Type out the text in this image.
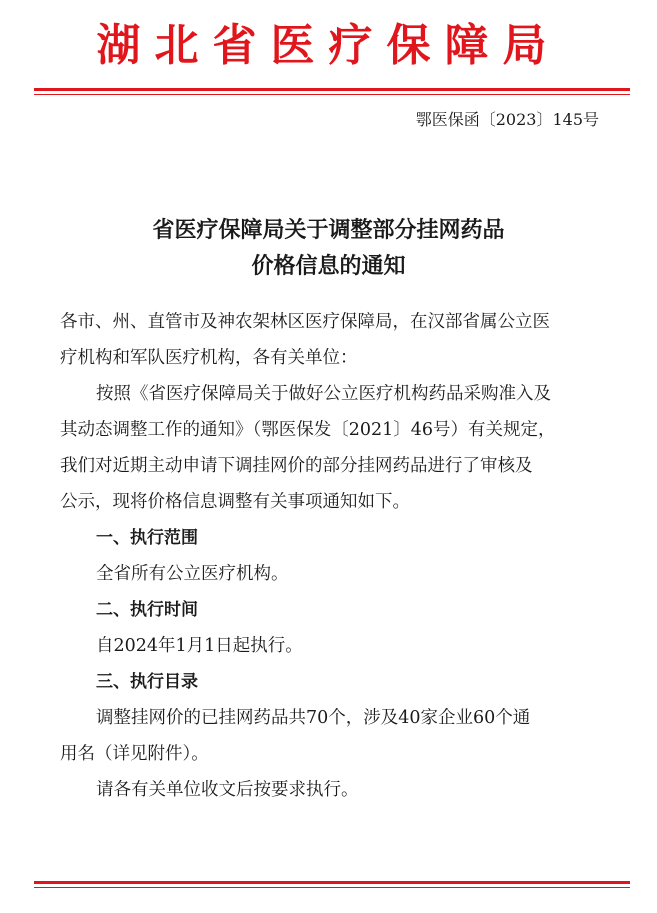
湖北省医疗保障局
鄂医保函〔2023〕145号
省医疗保障局关于调整部分挂网药品
价格信息的通知
各市、州、直管市及神农架林区医疗保障局，在汉部省属公立医
疗机构和军队医疗机构，各有关单位：
按照《省医疗保障局关于做好公立医疗机构药品采购准入及
其动态调整工作的通知》（鄂医保发〔2021〕46号）有关规定，
我们对近期主动申请下调挂网价的部分挂网药品进行了审核及
公示，现将价格信息调整有关事项通知如下。
一、执行范围
全省所有公立医疗机构。
二、执行时间
自2024年1月1日起执行。
三、执行目录
调整挂网价的已挂网药品共70个，涉及40家企业60个通
用名（详见附件）。
请各有关单位收文后按要求执行。
